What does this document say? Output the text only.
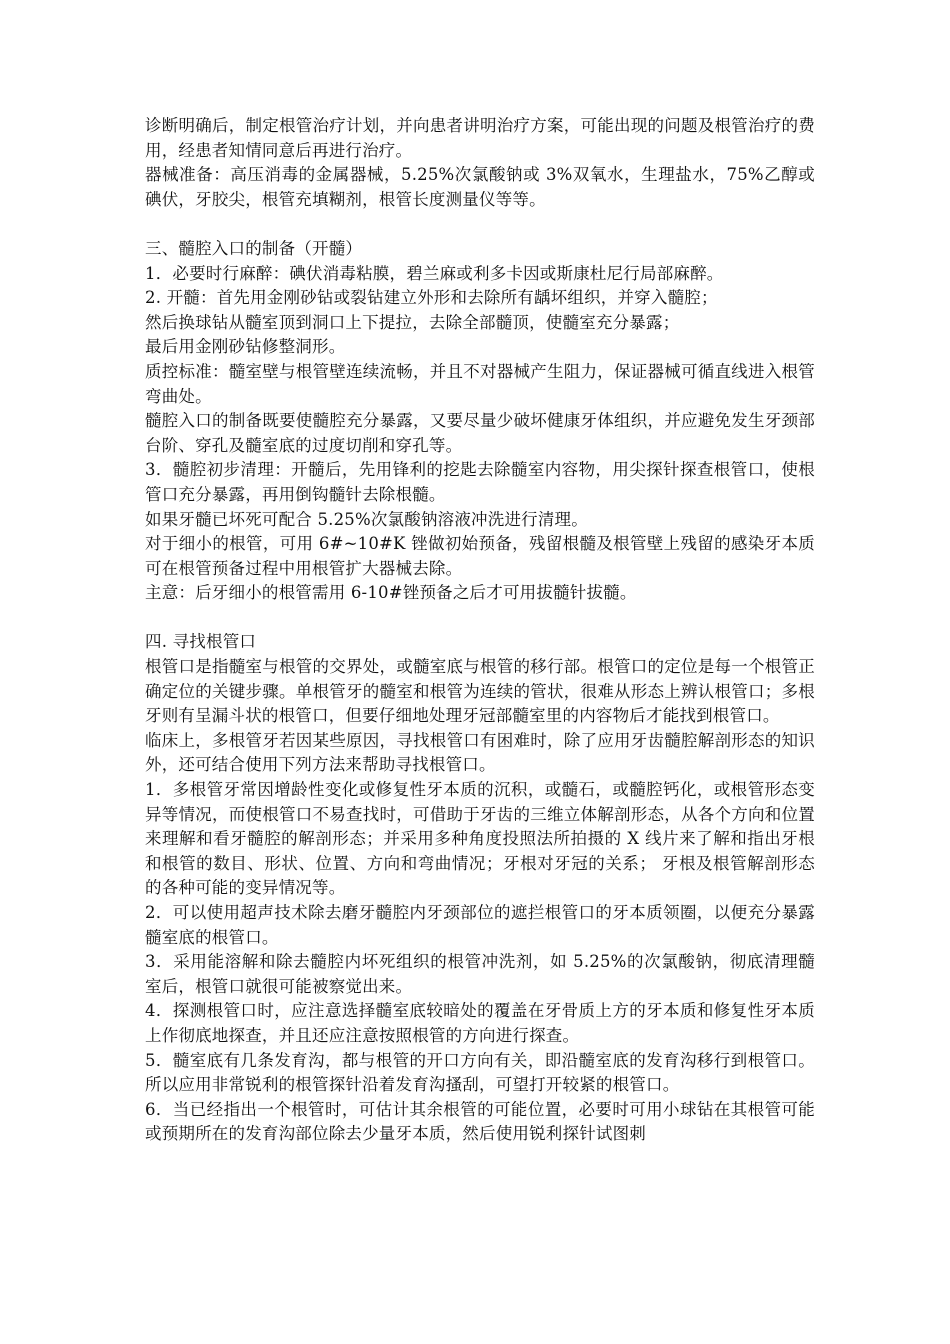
诊断明确后，制定根管治疗计划，并向患者讲明治疗方案，可能出现的问题及根管治疗的费用，经患者知情同意后再进行治疗。

器械准备：高压消毒的金属器械，5.25%次氯酸钠或 3%双氧水，生理盐水，75%乙醇或碘伏，牙胶尖，根管充填糊剂，根管长度测量仪等等。

三、髓腔入口的制备（开髓）

1．必要时行麻醉：碘伏消毒粘膜，碧兰麻或利多卡因或斯康杜尼行局部麻醉。

2. 开髓：首先用金刚砂钻或裂钻建立外形和去除所有龋坏组织，并穿入髓腔；

然后换球钻从髓室顶到洞口上下提拉，去除全部髓顶，使髓室充分暴露；

最后用金刚砂钻修整洞形。

质控标准：髓室壁与根管壁连续流畅，并且不对器械产生阻力，保证器械可循直线进入根管弯曲处。

髓腔入口的制备既要使髓腔充分暴露，又要尽量少破坏健康牙体组织，并应避免发生牙颈部台阶、穿孔及髓室底的过度切削和穿孔等。

3．髓腔初步清理：开髓后，先用锋利的挖匙去除髓室内容物，用尖探针探查根管口，使根管口充分暴露，再用倒钩髓针去除根髓。

如果牙髓已坏死可配合 5.25%次氯酸钠溶液冲洗进行清理。

对于细小的根管，可用 6#~10#K 锉做初始预备，残留根髓及根管壁上残留的感染牙本质可在根管预备过程中用根管扩大器械去除。

主意：后牙细小的根管需用 6-10#锉预备之后才可用拔髓针拔髓。

四. 寻找根管口

根管口是指髓室与根管的交界处，或髓室底与根管的移行部。根管口的定位是每一个根管正确定位的关键步骤。单根管牙的髓室和根管为连续的管状，很难从形态上辨认根管口；多根牙则有呈漏斗状的根管口，但要仔细地处理牙冠部髓室里的内容物后才能找到根管口。

临床上，多根管牙若因某些原因，寻找根管口有困难时，除了应用牙齿髓腔解剖形态的知识外，还可结合使用下列方法来帮助寻找根管口。

1．多根管牙常因增龄性变化或修复性牙本质的沉积，或髓石，或髓腔钙化，或根管形态变异等情况，而使根管口不易查找时，可借助于牙齿的三维立体解剖形态，从各个方向和位置来理解和看牙髓腔的解剖形态；并采用多种角度投照法所拍摄的 X 线片来了解和指出牙根和根管的数目、形状、位置、方向和弯曲情况；牙根对牙冠的关系； 牙根及根管解剖形态的各种可能的变异情况等。

2．可以使用超声技术除去磨牙髓腔内牙颈部位的遮拦根管口的牙本质领圈，以便充分暴露髓室底的根管口。

3．采用能溶解和除去髓腔内坏死组织的根管冲洗剂，如 5.25%的次氯酸钠，彻底清理髓室后，根管口就很可能被察觉出来。

4．探测根管口时，应注意选择髓室底较暗处的覆盖在牙骨质上方的牙本质和修复性牙本质上作彻底地探查，并且还应注意按照根管的方向进行探查。

5．髓室底有几条发育沟，都与根管的开口方向有关，即沿髓室底的发育沟移行到根管口。所以应用非常锐利的根管探针沿着发育沟搔刮，可望打开较紧的根管口。

6．当已经指出一个根管时，可估计其余根管的可能位置，必要时可用小球钻在其根管可能或预期所在的发育沟部位除去少量牙本质，然后使用锐利探针试图刺
